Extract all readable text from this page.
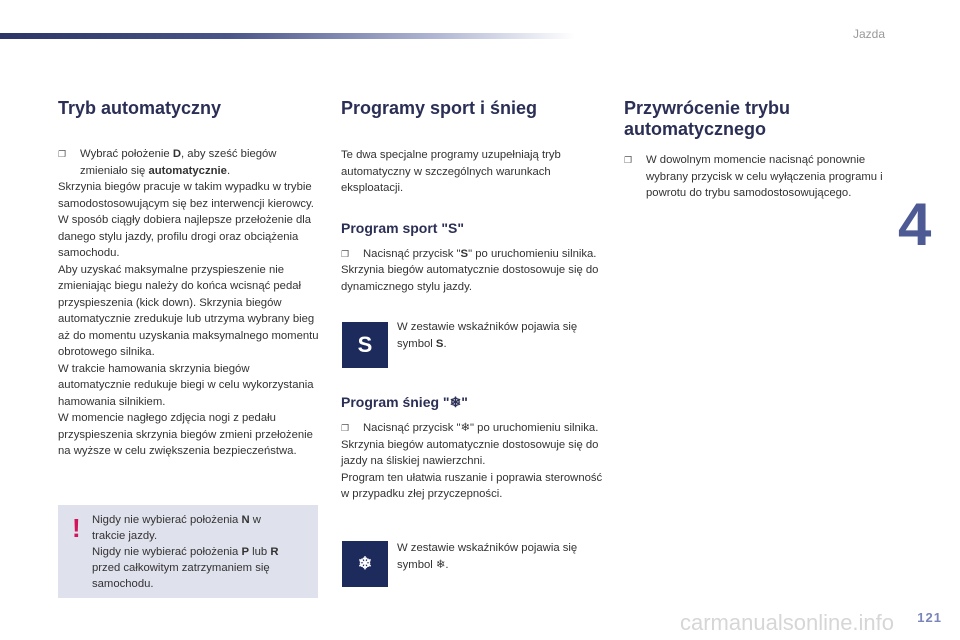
Jazda
4
Tryb automatyczny
❐ Wybrać położenie D, aby sześć biegów zmieniało się automatycznie.

Skrzynia biegów pracuje w takim wypadku w trybie samodostosowującym się bez interwencji kierowcy. W sposób ciągły dobiera najlepsze przełożenie dla danego stylu jazdy, profilu drogi oraz obciążenia samochodu.

Aby uzyskać maksymalne przyspieszenie nie zmieniając biegu należy do końca wcisnąć pedał przyspieszenia (kick down). Skrzynia biegów automatycznie zredukuje lub utrzyma wybrany bieg aż do momentu uzyskania maksymalnego momentu obrotowego silnika.

W trakcie hamowania skrzynia biegów automatycznie redukuje biegi w celu wykorzystania hamowania silnikiem.

W momencie nagłego zdjęcia nogi z pedału przyspieszenia skrzynia biegów zmieni przełożenie na wyższe w celu zwiększenia bezpieczeństwa.

! Nigdy nie wybierać położenia N w trakcie jazdy.

Nigdy nie wybierać położenia P lub R przed całkowitym zatrzymaniem się samochodu.

Programy sport i śnieg

Te dwa specjalne programy uzupełniają tryb automatyczny w szczególnych warunkach eksploatacji.

Program sport "S"
❐ Nacisnąć przycisk "S" po uruchomieniu silnika.

Skrzynia biegów automatycznie dostosowuje się do dynamicznego stylu jazdy.

S
W zestawie wskaźników pojawia się symbol S.
Program śnieg "❄"
❐ Nacisnąć przycisk "❄" po uruchomieniu silnika.

Skrzynia biegów automatycznie dostosowuje się do jazdy na śliskiej nawierzchni.

Program ten ułatwia ruszanie i poprawia sterowność w przypadku złej przyczepności.

❄
W zestawie wskaźników pojawia się symbol ❄.
Przywrócenie trybu automatycznego
❐ W dowolnym momencie nacisnąć ponownie wybrany przycisk w celu wyłączenia programu i powrotu do trybu samodostosowującego.
carmanualsonline.info 121
